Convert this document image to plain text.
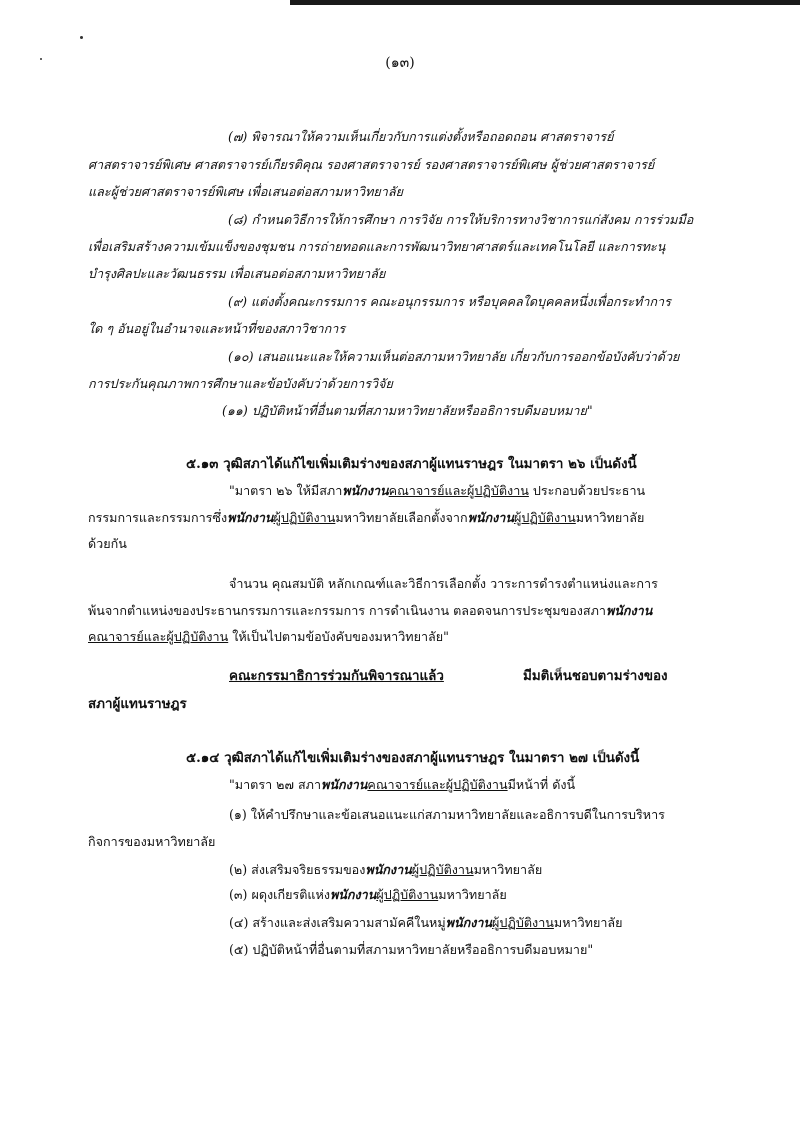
(๑๓)
(๗) พิจารณาให้ความเห็นเกี่ยวกับการแต่งตั้งหรือถอดถอน ศาสตราจารย์
ศาสตราจารย์พิเศษ ศาสตราจารย์เกียรติคุณ รองศาสตราจารย์ รองศาสตราจารย์พิเศษ ผู้ช่วยศาสตราจารย์
และผู้ช่วยศาสตราจารย์พิเศษ เพื่อเสนอต่อสภามหาวิทยาลัย
(๘) กำหนดวิธีการให้การศึกษา การวิจัย การให้บริการทางวิชาการแก่สังคม การร่วมมือ
เพื่อเสริมสร้างความเข้มแข็งของชุมชน การถ่ายทอดและการพัฒนาวิทยาศาสตร์และเทคโนโลยี และการทะนุ
บำรุงศิลปะและวัฒนธรรม เพื่อเสนอต่อสภามหาวิทยาลัย
(๙) แต่งตั้งคณะกรรมการ คณะอนุกรรมการ หรือบุคคลใดบุคคลหนึ่งเพื่อกระทำการ
ใด ๆ อันอยู่ในอำนาจและหน้าที่ของสภาวิชาการ
(๑๐) เสนอแนะและให้ความเห็นต่อสภามหาวิทยาลัย เกี่ยวกับการออกข้อบังคับว่าด้วย
การประกันคุณภาพการศึกษาและข้อบังคับว่าด้วยการวิจัย
(๑๑) ปฏิบัติหน้าที่อื่นตามที่สภามหาวิทยาลัยหรืออธิการบดีมอบหมาย"
๕.๑๓ วุฒิสภาได้แก้ไขเพิ่มเติมร่างของสภาผู้แทนราษฎร ในมาตรา ๒๖ เป็นดังนี้
"มาตรา ๒๖ ให้มีสภาพนักงานคณาจารย์และผู้ปฏิบัติงาน ประกอบด้วยประธาน
กรรมการและกรรมการซึ่งพนักงานผู้ปฏิบัติงานมหาวิทยาลัยเลือกตั้งจากพนักงานผู้ปฏิบัติงานมหาวิทยาลัย
ด้วยกัน
จำนวน คุณสมบัติ หลักเกณฑ์และวิธีการเลือกตั้ง วาระการดำรงตำแหน่งและการ
พ้นจากตำแหน่งของประธานกรรมการและกรรมการ การดำเนินงาน ตลอดจนการประชุมของสภาพนักงาน
คณาจารย์และผู้ปฏิบัติงาน ให้เป็นไปตามข้อบังคับของมหาวิทยาลัย"
คณะกรรมาธิการร่วมกันพิจารณาแล้ว	มีมติเห็นชอบตามร่างของ
สภาผู้แทนราษฎร
๕.๑๔ วุฒิสภาได้แก้ไขเพิ่มเติมร่างของสภาผู้แทนราษฎร ในมาตรา ๒๗ เป็นดังนี้
"มาตรา ๒๗ สภาพนักงานคณาจารย์และผู้ปฏิบัติงานมีหน้าที่ ดังนี้
(๑) ให้คำปรึกษาและข้อเสนอแนะแก่สภามหาวิทยาลัยและอธิการบดีในการบริหาร
กิจการของมหาวิทยาลัย
(๒) ส่งเสริมจริยธรรมของพนักงานผู้ปฏิบัติงานมหาวิทยาลัย
(๓) ผดุงเกียรติแห่งพนักงานผู้ปฏิบัติงานมหาวิทยาลัย
(๔) สร้างและส่งเสริมความสามัคคีในหมู่พนักงานผู้ปฏิบัติงานมหาวิทยาลัย
(๕) ปฏิบัติหน้าที่อื่นตามที่สภามหาวิทยาลัยหรืออธิการบดีมอบหมาย"
